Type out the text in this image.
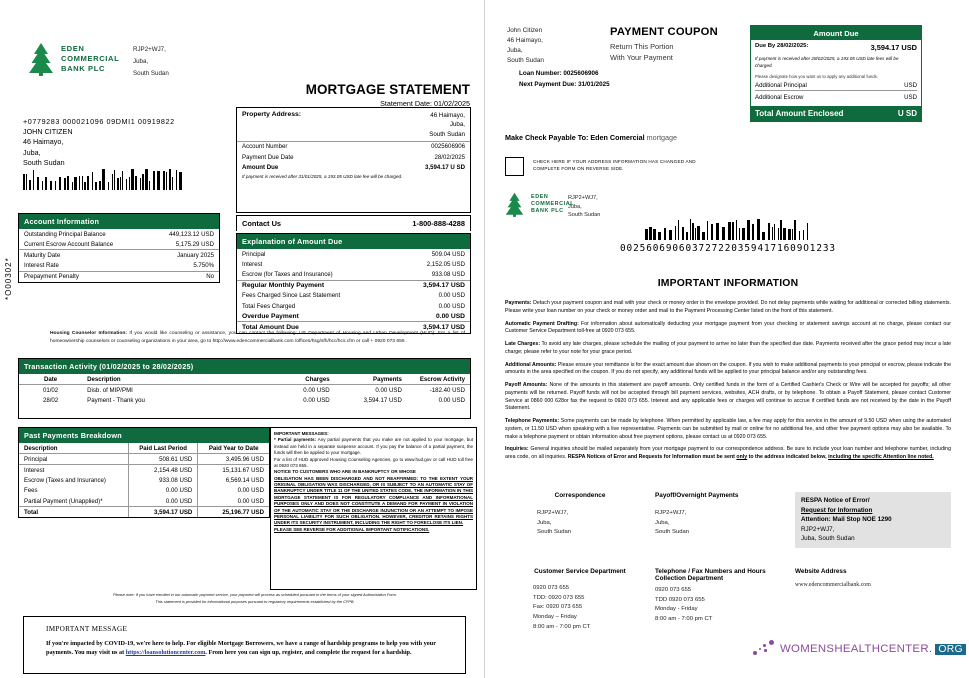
*O00302*
EDEN
COMMERCIAL
BANK PLC
RJP2+WJ7,
Juba,
South Sudan
+0779283 000021096 09DMI1 00919822
JOHN CITIZEN
46 Haimayo,
Juba,
South Sudan
MORTGAGE STATEMENT
Statement Date: 01/02/2025
Property Address:	46 Haimayo,
Juba,
South Sudan
Account Number	0025606906
Payment Due Date	28/02/2025
Amount Due	3,594.17 U SD
If payment is received after 31/01/2025, a 193.05 USD late fee will be charged.
Contact Us	1-800-888-4288
Explanation of Amount Due
Principal	509.04 USD
Interest	2,152.05 USD
Escrow (for Taxes and Insurance)	933.08 USD
Regular Monthly Payment	3,594.17 USD
Fees Charged Since Last Statement	0.00 USD
Total Fees Charged	0.00 USD
Overdue Payment	0.00 USD
Total Amount Due	3,594.17 USD
Account Information
Outstanding Principal Balance	449,123.12 USD
Current Escrow Account Balance	5,175.29 USD
Maturity Date	January 2025
Interest Rate	5.750%
Prepayment Penalty	No
Housing Counselor Information: If you would like counseling or assistance, you can contact the following: US Department of Housing and Urban Development (HUD): For a list of homeownership counselors or counseling organizations in your area, go to http://www.edencommercialbank.com /offices/hsg/sfh/hcc/hcs.cfm or call + 0920 073 655 .
Transaction Activity (01/02/2025 to 28/02/2025)
Date	Description	Charges	Payments	Escrow Activity
01/02	Disb. of MIP/PMI	0.00 USD	0.00 USD	-182.40 USD
28/02	Payment - Thank you	0.00 USD	3,594.17 USD	0.00 USD
Past Payments Breakdown
Description	Paid Last Period	Paid Year to Date
Principal	508.61 USD	3,495.96 USD
Interest	2,154.48 USD	15,131.67 USD
Escrow (Taxes and Insurance)	933.08 USD	6,569.14 USD
Fees	0.00 USD	0.00 USD
Partial Payment (Unapplied)*	0.00 USD	0.00 USD
Total	3,594.17 USD	25,196.77 USD
IMPORTANT MESSAGES:
* Partial payments: Any partial payments that you make are not applied to your mortgage, but instead are held in a separate suspense account. If you pay the balance of a partial payment, the funds will then be applied to your mortgage.
For a list of HUD approved Housing Counseling Agencies, go to www.hud.gov or call HUD toll free at 0920 073 655.
NOTICE TO CUSTOMERS WHO ARE IN BANKRUPTCY OR WHOSE
OBLIGATION HAS BEEN DISCHARGED AND NOT REAFFIRMED: TO THE EXTENT YOUR ORIGINAL OBLIGATION WAS DISCHARGED, OR IS SUBJECT TO AN AUTOMATIC STAY OF BANKRUPTCY UNDER TITLE 11 OF THE UNITED STATES CODE, THE INFORMATION IN THIS MORTGAGE STATEMENT IS FOR REGULATORY COMPLIANCE AND INFORMATIONAL PURPOSES ONLY AND DOES NOT CONSTITUTE A DEMAND FOR PAYMENT IN VIOLATION OF THE AUTOMATIC STAY OR THE DISCHARGE INJUNCTION OR AN ATTEMPT TO IMPOSE PERSONAL LIABILITY FOR SUCH OBLIGATION. HOWEVER, CREDITOR RETAINS RIGHTS UNDER ITS SECURITY INSTRUMENT, INCLUDING THE RIGHT TO FORECLOSE ITS LIEN.
PLEASE SEE REVERSE FOR ADDITIONAL IMPORTANT NOTIFICATIONS.
Please note: If you have enrolled in our automatic payment service, your payment will process as scheduled pursuant to the terms of your signed Authorization Form.
This statement is provided for informational purposes pursuant to regulatory requirements established by the CFPB.
IMPORTANT MESSAGE
If you're impacted by COVID-19, we're here to help. For eligible Mortgage Borrowers, we have a range of hardship programs to help you with your payments. You may visit us at https://loansolutioncenter.com. From here you can sign up, register, and complete the request for a hardship.
John Citizen
46 Haimayo,
Juba,
South Sudan
PAYMENT COUPON
Return This Portion
With Your Payment
Loan Number: 0025606906
Next Payment Due: 31/01/2025
Amount Due
Due By 28/02/2025:	3,594.17 USD
If payment is received after 28/02/2025, a 193.05 USD late fees will be charged.
Please designate how you want us to apply any additional funds.
Additional Principal	USD
Additional Escrow	USD
Total Amount Enclosed	U SD
Make Check Payable To: Eden Comercial mortgage
CHECK HERE IF YOUR ADDRESS INFORMATION HAS CHANGED AND COMPLETE FORM ON REVERSE SIDE.
EDEN
COMMERCIAL
BANK PLC
RJP2+WJ7,
Juba,
South Sudan
0025606906037272203594171609O1233
IMPORTANT INFORMATION
Payments: Detach your payment coupon and mail with your check or money order in the envelope provided. Do not delay payments while waiting for additional or corrected billing statements. Please write your loan number on your check or money order and mail to the Payment Processing Center listed on the front of this statement.
Automatic Payment Drafting: For information about automatically deducting your mortgage payment from your checking or statement savings account at no charge, please contact our Customer Service Department toll-free at 0920 073 655.
Late Charges: To avoid any late charges, please schedule the mailing of your payment to arrive no later than the specified due date. Payments received after the grace period may incur a late charge; please refer to your note for your grace period.
Additional Amounts: Please ensure your remittance is for the exact amount due shown on the coupon. If you wish to make additional payments to your principal or escrow, please indicate the amounts in the area specified on the coupon. If you do not specify, any additional funds will be applied to your principal balance and/or any outstanding fees.
Payoff Amounts: None of the amounts in this statement are payoff amounts. Only certified funds in the form of a Certified Cashier's Check or Wire will be accepted for payoffs; all other payments will be returned. Payoff funds will not be accepted through bill payment services, websites, ACH drafts, or by telephone. To obtain a Payoff Statement, please contact Customer Service at 0860 000 628or fax the request to 0920 073 655. Interest and any applicable fees or charges will continue to accrue if certified funds are not received by the date in the Payoff Statement.
Telephone Payments: Some payments can be made by telephone. When permitted by applicable law, a fee may apply for this service in the amount of 9.50 USD when using the automated system, or 11.50 USD when speaking with a live representative. Payments can be submitted by mail or online for no additional fee, and other free payment options may also be available. To make a telephone payment or obtain information about free payment options, please contact us at 0920 073 655.
Inquiries: General inquiries should be mailed separately from your mortgage payment to our correspondence address. Be sure to include your loan number and telephone number, including area code, on all inquiries. RESPA Notices of Error and Requests for Information must be sent only to the address indicated below, including the specific Attention line noted.
Correspondence
RJP2+WJ7,
Juba,
South Sudan
Payoff/Overnight Payments
RJP2+WJ7,
Juba,
South Sudan
RESPA Notice of Error/
Request for Information
Attention: Mail Stop NOE 1290
RJP2+WJ7,
Juba, South Sudan
Customer Service Department
0920 073 655
TDD: 0920 073 655
Fax: 0920 073 655
Monday – Friday
8:00 am - 7:00 pm CT
Telephone / Fax Numbers and Hours
Collection Department
0920 073 655
TDD 0920 073 655
Monday - Friday
8:00 am - 7:00 pm CT
Website Address
www.edencommercialbank.com
WOMENSHEALTHCENTER. ORG
